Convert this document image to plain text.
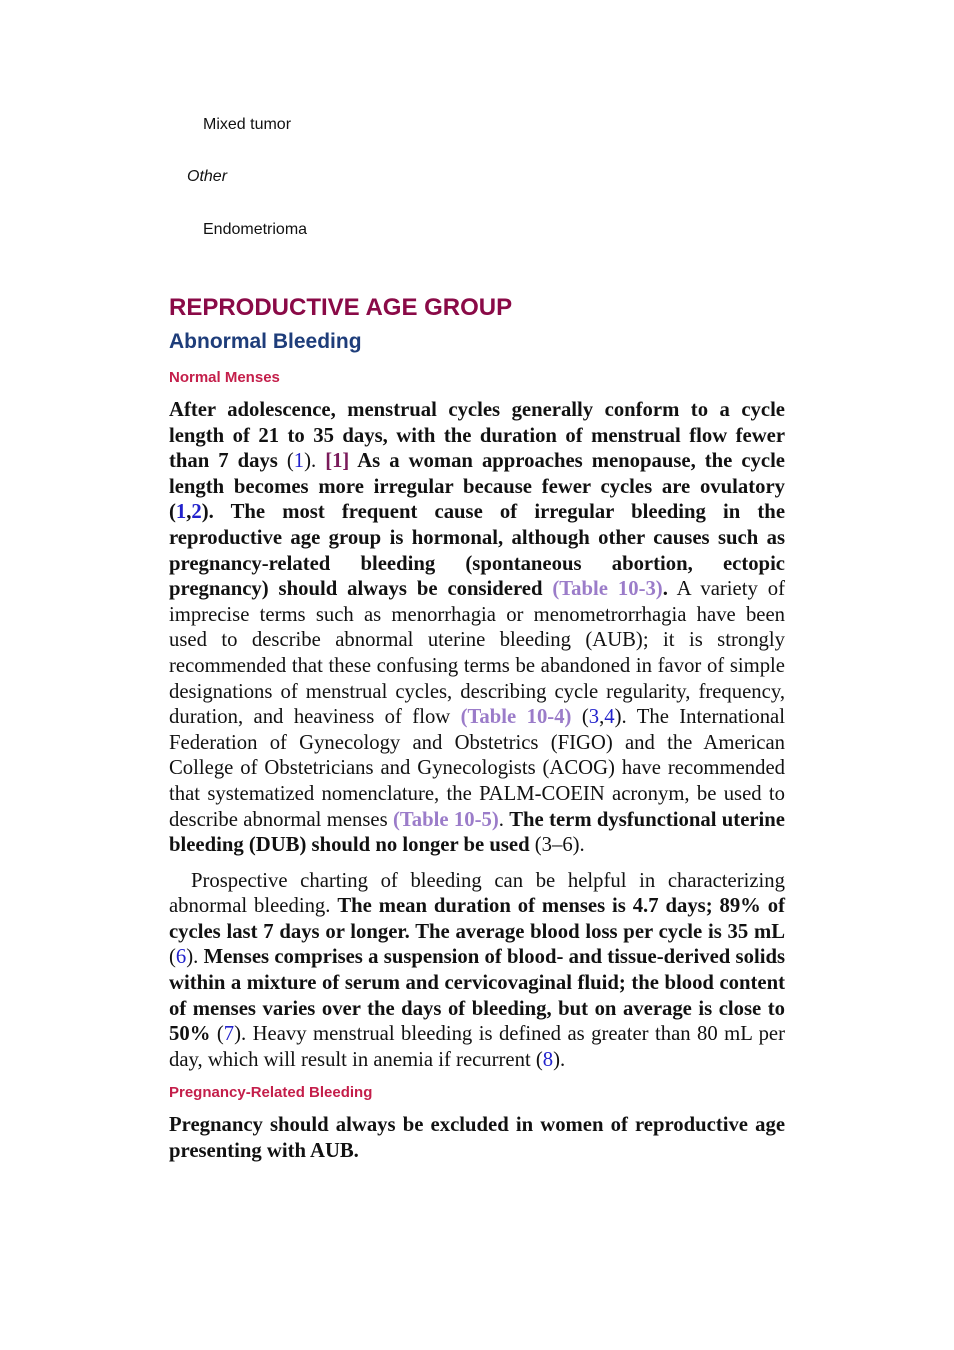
Mixed tumor
Other
Endometrioma
REPRODUCTIVE AGE GROUP
Abnormal Bleeding
Normal Menses

After adolescence, menstrual cycles generally conform to a cycle length of 21 to 35 days, with the duration of menstrual flow fewer than 7 days (1). [1] As a woman approaches menopause, the cycle length becomes more irregular because fewer cycles are ovulatory (1,2). The most frequent cause of irregular bleeding in the reproductive age group is hormonal, although other causes such as pregnancy-related bleeding (spontaneous abortion, ectopic pregnancy) should always be considered (Table 10-3). A variety of imprecise terms such as menorrhagia or menometrorrhagia have been used to describe abnormal uterine bleeding (AUB); it is strongly recommended that these confusing terms be abandoned in favor of simple designations of menstrual cycles, describing cycle regularity, frequency, duration, and heaviness of flow (Table 10-4) (3,4). The International Federation of Gynecology and Obstetrics (FIGO) and the American College of Obstetricians and Gynecologists (ACOG) have recommended that systematized nomenclature, the PALM-COEIN acronym, be used to describe abnormal menses (Table 10-5). The term dysfunctional uterine bleeding (DUB) should no longer be used (3–6).

Prospective charting of bleeding can be helpful in characterizing abnormal bleeding. The mean duration of menses is 4.7 days; 89% of cycles last 7 days or longer. The average blood loss per cycle is 35 mL (6). Menses comprises a suspension of blood- and tissue-derived solids within a mixture of serum and cervicovaginal fluid; the blood content of menses varies over the days of bleeding, but on average is close to 50% (7). Heavy menstrual bleeding is defined as greater than 80 mL per day, which will result in anemia if recurrent (8).

Pregnancy-Related Bleeding

Pregnancy should always be excluded in women of reproductive age presenting with AUB.
